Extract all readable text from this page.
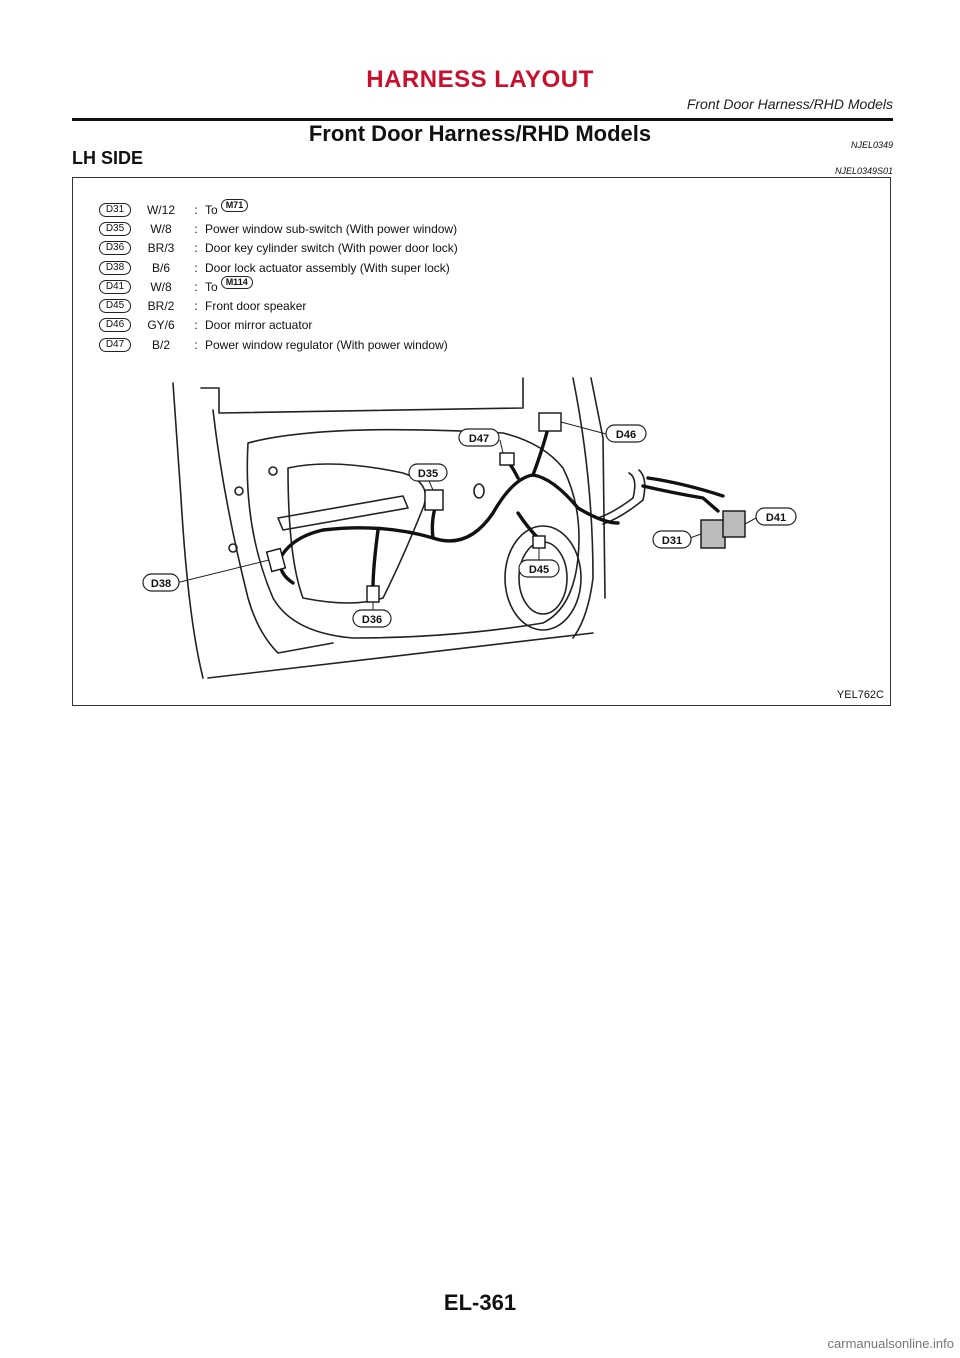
HARNESS LAYOUT
Front Door Harness/RHD Models
Front Door Harness/RHD Models	NJEL0349
LH SIDE
NJEL0349S01
D31	W/12	: To M71
D35	W/8	: Power window sub-switch (With power window)
D36	BR/3	: Door key cylinder switch (With power door lock)
D38	B/6	: Door lock actuator assembly (With super lock)
D41	W/8	: To M114
D45	BR/2	: Front door speaker
D46	GY/6	: Door mirror actuator
D47	B/2	: Power window regulator (With power window)
D38
D36
D35
D47	D46
D45
D31
D41
YEL762C
EL-361
carmanualsonline.info
